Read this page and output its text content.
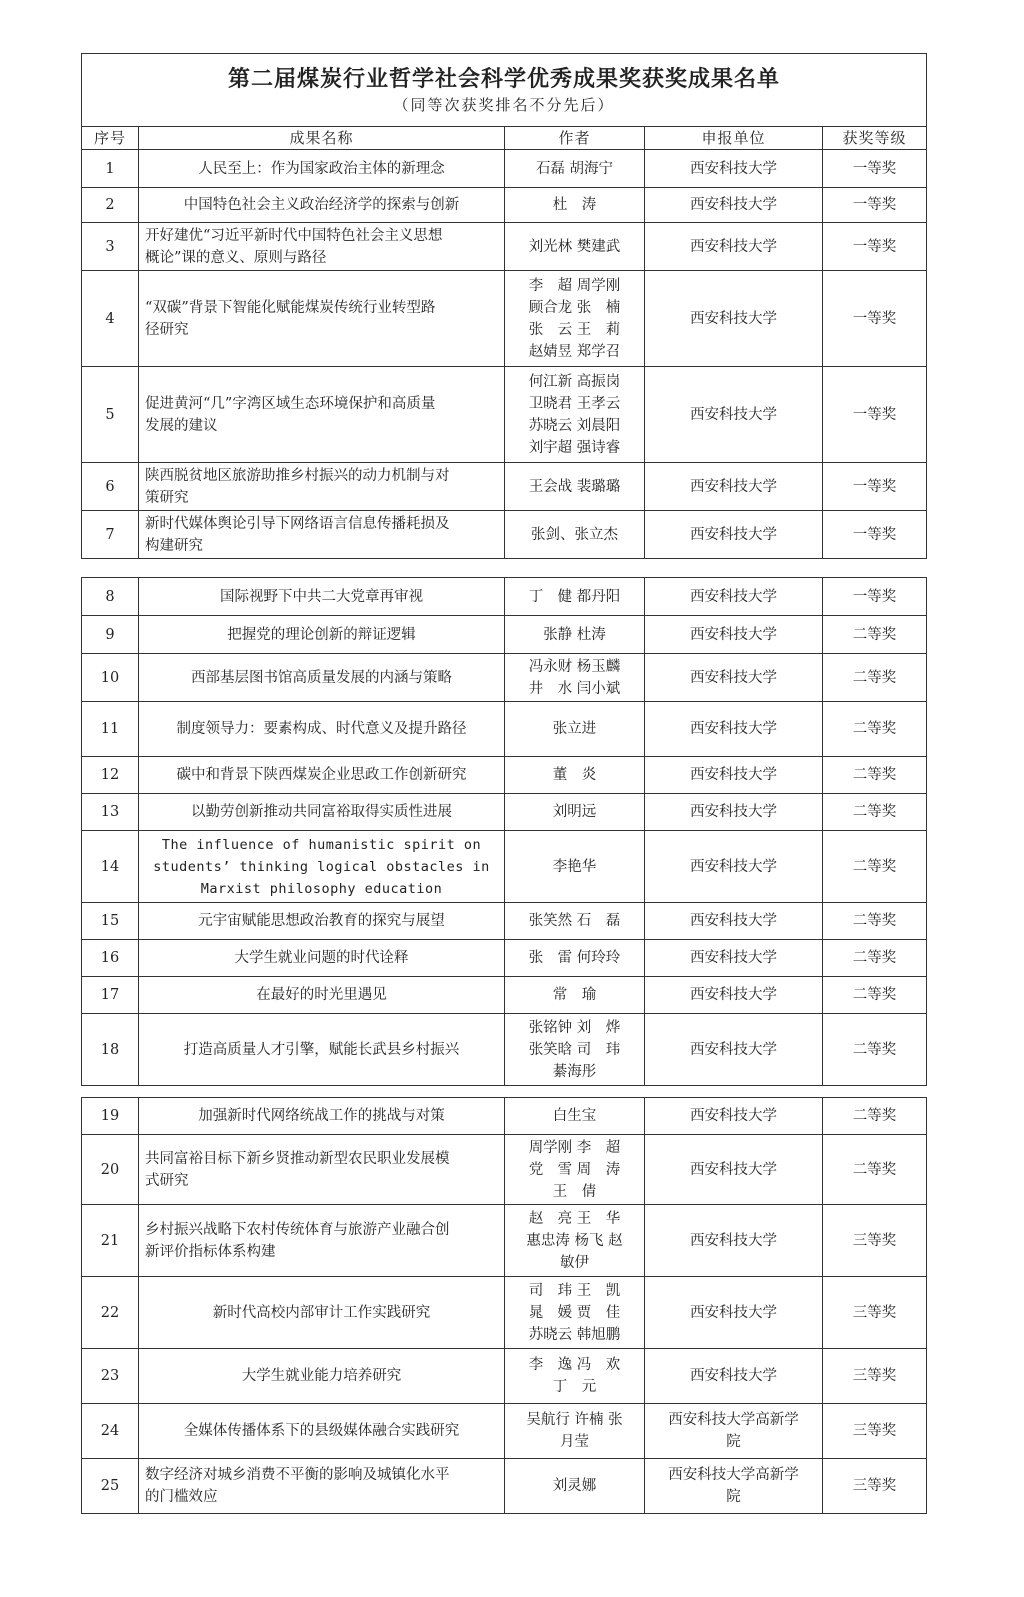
第二届煤炭行业哲学社会科学优秀成果奖获奖成果名单
（同等次获奖排名不分先后）				

序号	成果名称	作者	申报单位	获奖等级
1	人民至上：作为国家政治主体的新理念	石磊 胡海宁	西安科技大学	一等奖
2	中国特色社会主义政治经济学的探索与创新	杜　涛	西安科技大学	一等奖
3	开好建优“习近平新时代中国特色社会主义思想
概论”课的意义、原则与路径	刘光林 樊建武	西安科技大学	一等奖
4	“双碳”背景下智能化赋能煤炭传统行业转型路
径研究	李　超 周学刚
顾合龙 张　楠
张　云 王　莉
赵婧昱 郑学召	西安科技大学	一等奖
5	促进黄河“几”字湾区域生态环境保护和高质量
发展的建议	何江新 高振岗
卫晓君 王孝云
苏晓云 刘晨阳
刘宇超 强诗睿	西安科技大学	一等奖
6	陕西脱贫地区旅游助推乡村振兴的动力机制与对
策研究	王会战 裴璐璐	西安科技大学	一等奖
7	新时代媒体舆论引导下网络语言信息传播耗损及
构建研究	张剑、张立杰	西安科技大学	一等奖
8	国际视野下中共二大党章再审视	丁　健 都丹阳	西安科技大学	一等奖
9	把握党的理论创新的辩证逻辑	张静 杜涛	西安科技大学	二等奖
10	西部基层图书馆高质量发展的内涵与策略	冯永财 杨玉麟
井　水 闫小斌	西安科技大学	二等奖
11	制度领导力：要素构成、时代意义及提升路径	张立进	西安科技大学	二等奖
12	碳中和背景下陕西煤炭企业思政工作创新研究	董　炎	西安科技大学	二等奖
13	以勤劳创新推动共同富裕取得实质性进展	刘明远	西安科技大学	二等奖
14	The influence of humanistic spirit on
students’ thinking logical obstacles in
Marxist philosophy education	李艳华	西安科技大学	二等奖
15	元宇宙赋能思想政治教育的探究与展望	张笑然 石　磊	西安科技大学	二等奖
16	大学生就业问题的时代诠释	张　雷 何玲玲	西安科技大学	二等奖
17	在最好的时光里遇见	常　瑜	西安科技大学	二等奖
18	打造高质量人才引擎，赋能长武县乡村振兴	张铭钟 刘　烨
张笑晗 司　玮
綦海彤	西安科技大学	二等奖
19	加强新时代网络统战工作的挑战与对策	白生宝	西安科技大学	二等奖
20	共同富裕目标下新乡贤推动新型农民职业发展模
式研究	周学刚 李　超
党　雪 周　涛
王　倩	西安科技大学	二等奖
21	乡村振兴战略下农村传统体育与旅游产业融合创
新评价指标体系构建	赵　亮 王　华
惠忠涛 杨飞 赵
敏伊	西安科技大学	三等奖
22	新时代高校内部审计工作实践研究	司　玮 王　凯
晁　媛 贾　佳
苏晓云 韩旭鹏	西安科技大学	三等奖
23	大学生就业能力培养研究	李　逸 冯　欢
丁　元	西安科技大学	三等奖
24	全媒体传播体系下的县级媒体融合实践研究	吴航行 许楠 张
月莹	西安科技大学高新学
院	三等奖
25	数字经济对城乡消费不平衡的影响及城镇化水平
的门槛效应	刘灵娜	西安科技大学高新学
院	三等奖
